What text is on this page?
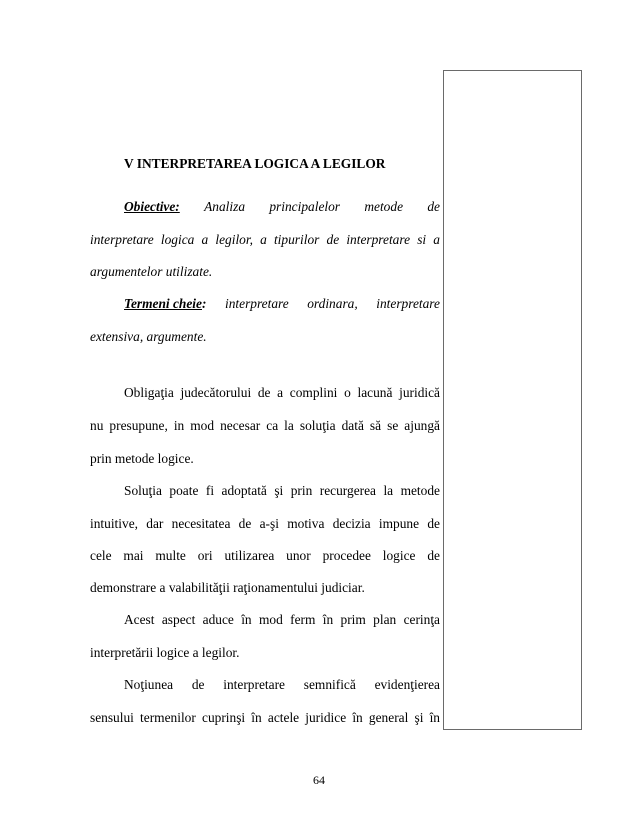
V INTERPRETAREA LOGICA A LEGILOR
Obiective: Analiza principalelor metode de
interpretare logica a legilor, a tipurilor de interpretare si a
argumentelor utilizate.
Termeni cheie: interpretare ordinara, interpretare
extensiva, argumente.
Obligaţia judecătorului de a complini o lacună juridică
nu presupune, in mod necesar ca la soluţia dată să se ajungă
prin metode logice.
Soluţia poate fi adoptată şi prin recurgerea la metode
intuitive, dar necesitatea de a-şi motiva decizia impune de
cele mai multe ori utilizarea unor procedee logice de
demonstrare a valabilităţii raţionamentului judiciar.
Acest aspect aduce în mod ferm în prim plan cerinţa
interpretării logice a legilor.
Noţiunea de interpretare semnifică evidenţierea
sensului termenilor cuprinşi în actele juridice în general şi în
64
